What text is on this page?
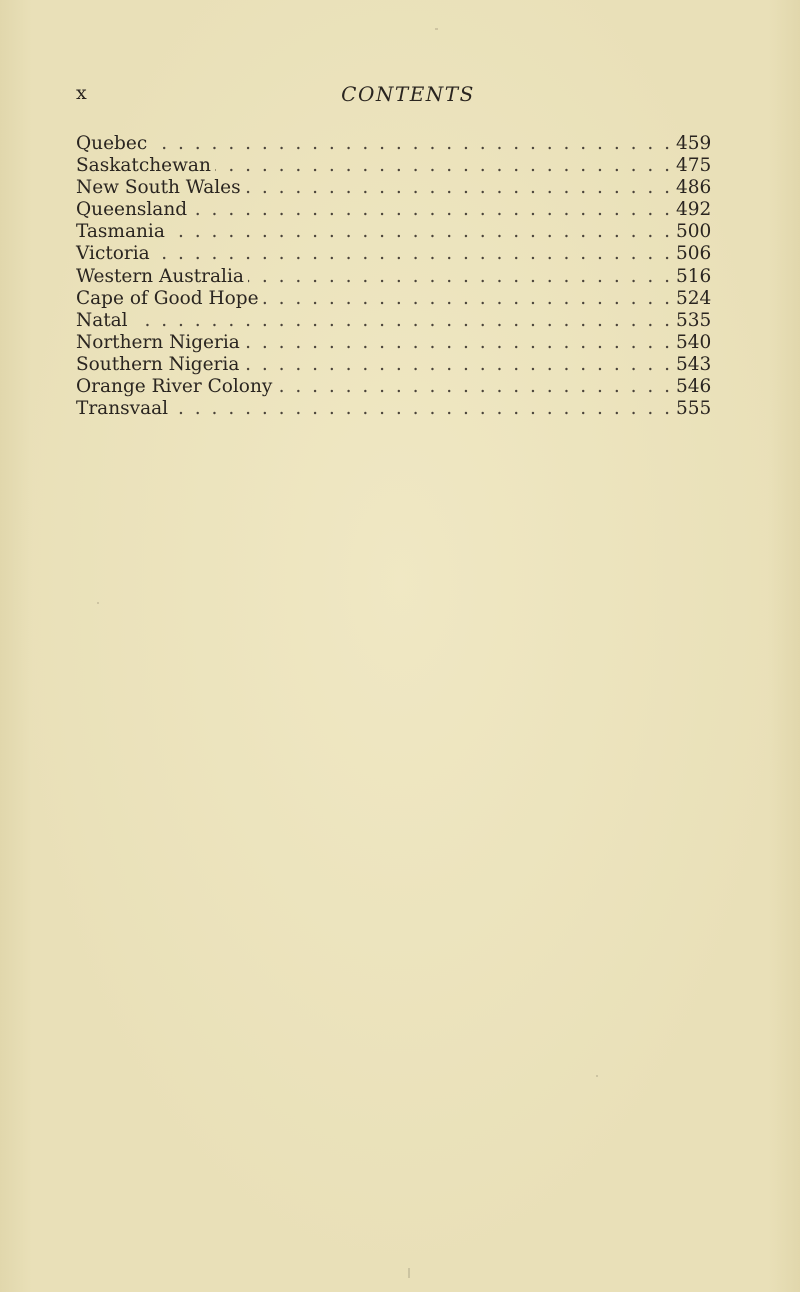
x	CONTENTS
Quebec . . .	459
Saskatchewan . . .	475
New South Wales . . .	486
Queensland . . .	492
Tasmania . . .	500
Victoria . . .	506
Western Australia . . .	516
Cape of Good Hope . . .	524
Natal . . .	535
Northern Nigeria . . .	540
Southern Nigeria . . .	543
Orange River Colony . . .	546
Transvaal . . .	555
